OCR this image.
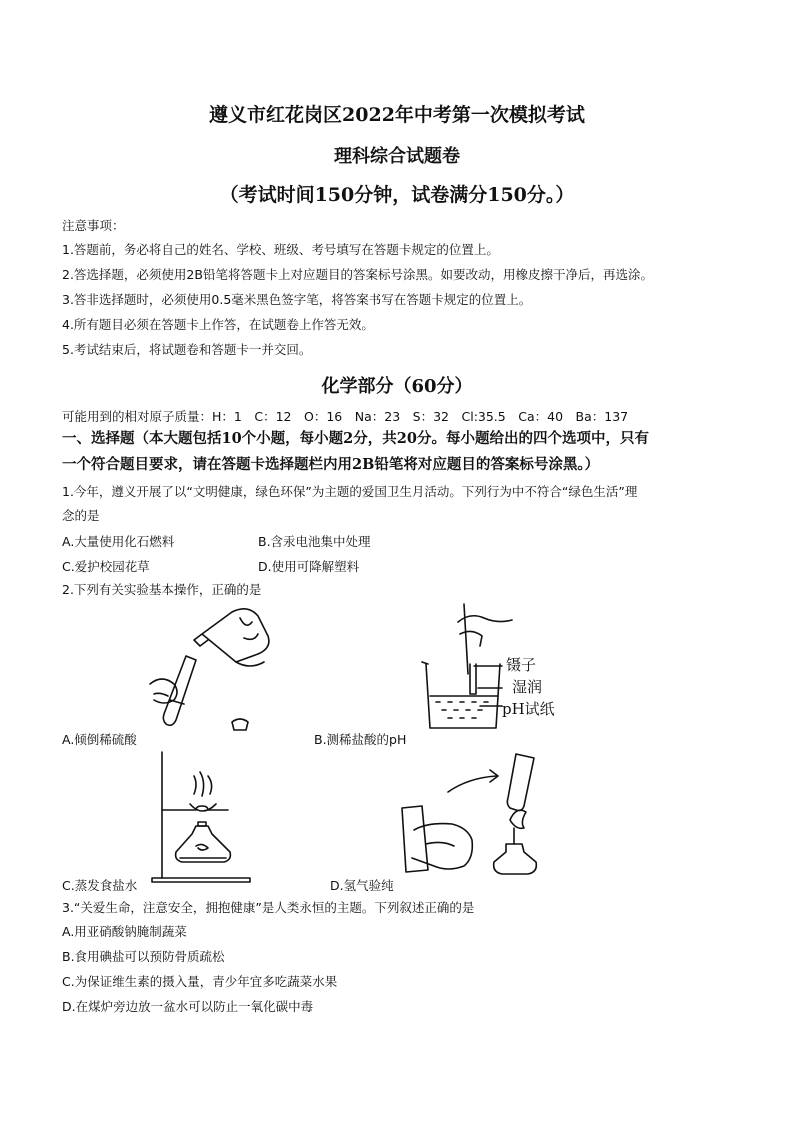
遵义市红花岗区2022年中考第一次模拟考试
理科综合试题卷
（考试时间150分钟，试卷满分150分。）
注意事项：
1.答题前，务必将自己的姓名、学校、班级、考号填写在答题卡规定的位置上。
2.答选择题，必须使用2B铅笔将答题卡上对应题目的答案标号涂黑。如要改动，用橡皮擦干净后，再选涂。
3.答非选择题时，必须使用0.5毫米黑色签字笔，将答案书写在答题卡规定的位置上。
4.所有题目必须在答题卡上作答，在试题卷上作答无效。
5.考试结束后，将试题卷和答题卡一并交回。
化学部分（60分）
可能用到的相对原子质量：H：1　C：12　O：16　Na：23　S：32　Cl:35.5　Ca：40　Ba：137
一、选择题（本大题包括10个小题，每小题2分，共20分。每小题给出的四个选项中，只有
一个符合题目要求，请在答题卡选择题栏内用2B铅笔将对应题目的答案标号涂黑。）
1.今年，遵义开展了以“文明健康，绿色环保”为主题的爱国卫生月活动。下列行为中不符合“绿色生活”理
念的是
A.大量使用化石燃料	B.含汞电池集中处理
C.爱护校园花草	D.使用可降解塑料
2.下列有关实验基本操作，正确的是
A.倾倒稀硫酸
镊子
湿润
pH试纸
B.测稀盐酸的pH
C.蒸发食盐水	D.氢气验纯
3.“关爱生命，注意安全，拥抱健康”是人类永恒的主题。下列叙述正确的是
A.用亚硝酸钠腌制蔬菜
B.食用碘盐可以预防骨质疏松
C.为保证维生素的摄入量，青少年宜多吃蔬菜水果
D.在煤炉旁边放一盆水可以防止一氧化碳中毒
